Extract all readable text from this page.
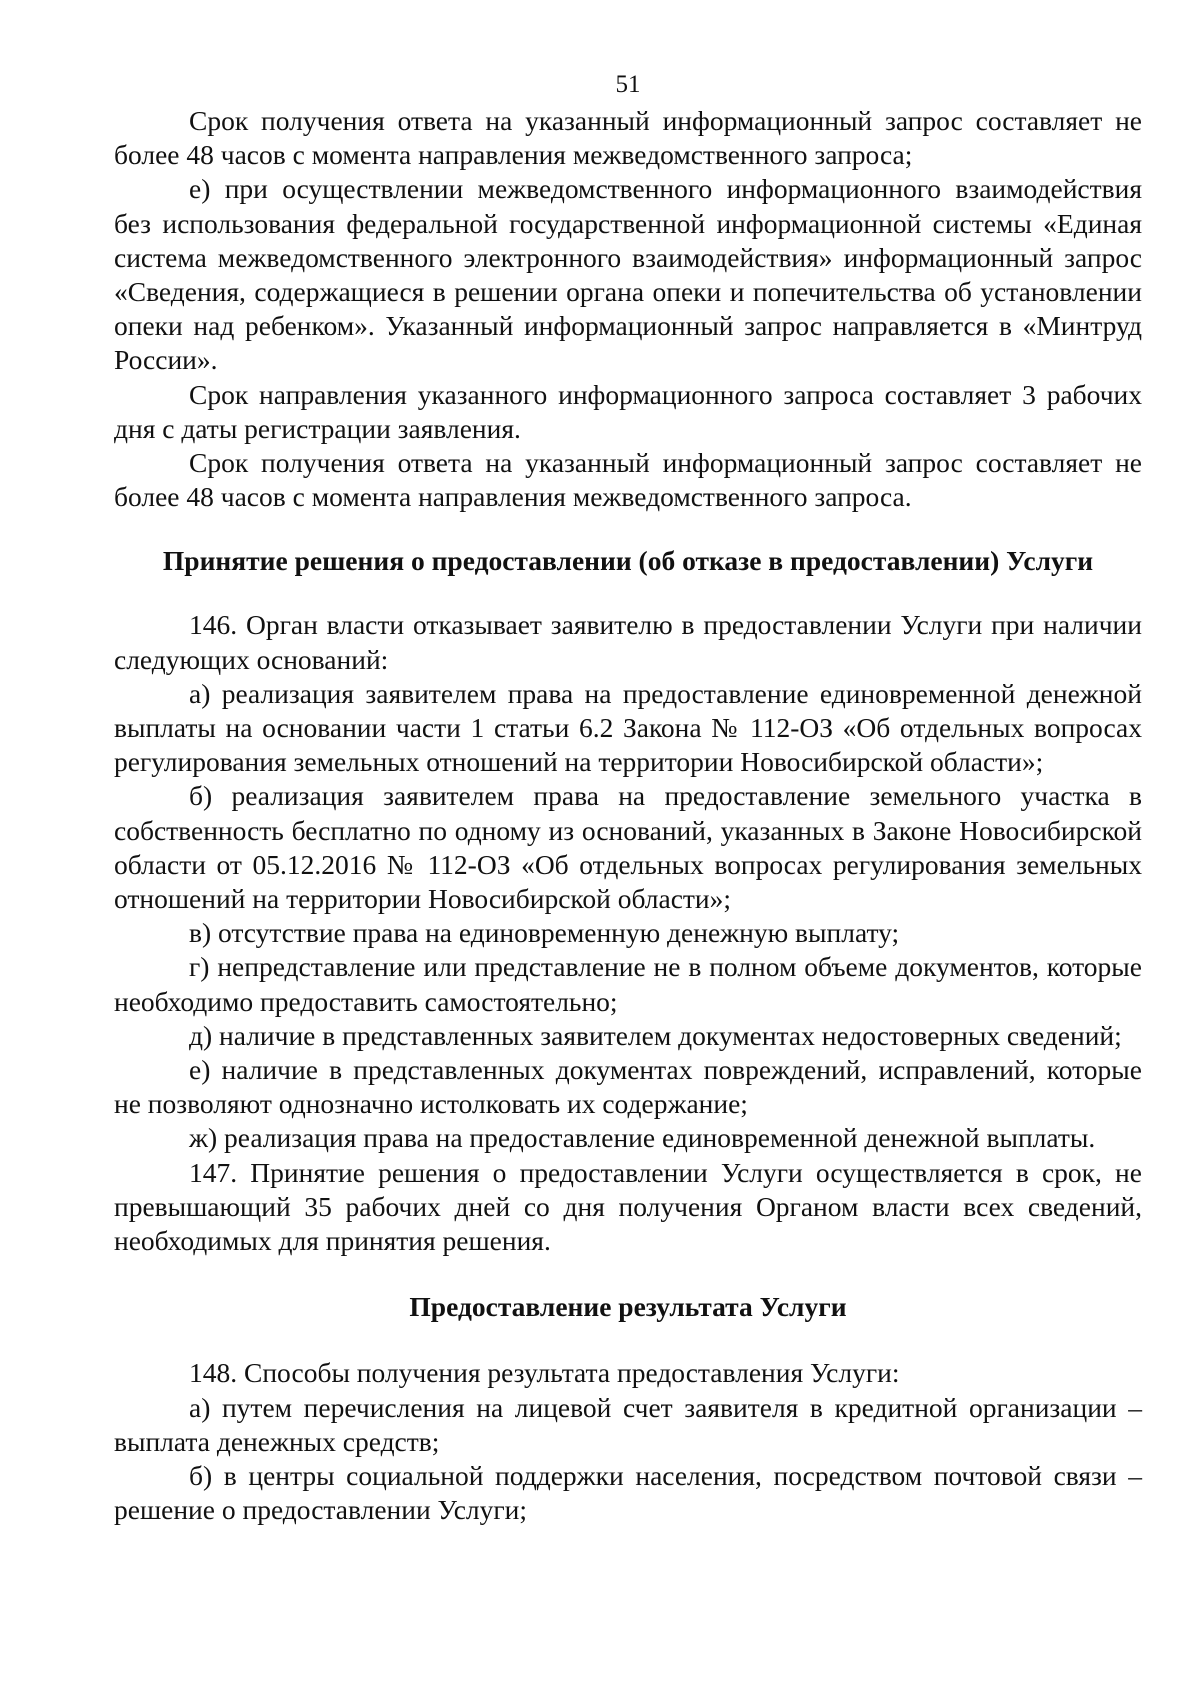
51

Срок получения ответа на указанный информационный запрос составляет не более 48 часов с момента направления межведомственного запроса;

е) при осуществлении межведомственного информационного взаимодействия без использования федеральной государственной информационной системы «Единая система межведомственного электронного взаимодействия» информационный запрос «Сведения, содержащиеся в решении органа опеки и попечительства об установлении опеки над ребенком». Указанный информационный запрос направляется в «Минтруд России».

Срок направления указанного информационного запроса составляет 3 рабочих дня с даты регистрации заявления.

Срок получения ответа на указанный информационный запрос составляет не более 48 часов с момента направления межведомственного запроса.

Принятие решения о предоставлении (об отказе в предоставлении) Услуги

146. Орган власти отказывает заявителю в предоставлении Услуги при наличии следующих оснований:

а) реализация заявителем права на предоставление единовременной денежной выплаты на основании части 1 статьи 6.2 Закона № 112-ОЗ «Об отдельных вопросах регулирования земельных отношений на территории Новосибирской области»;

б) реализация заявителем права на предоставление земельного участка в собственность бесплатно по одному из оснований, указанных в Законе Новосибирской области от 05.12.2016 № 112-ОЗ «Об отдельных вопросах регулирования земельных отношений на территории Новосибирской области»;

в) отсутствие права на единовременную денежную выплату;

г) непредставление или представление не в полном объеме документов, которые необходимо предоставить самостоятельно;

д) наличие в представленных заявителем документах недостоверных сведений;

е) наличие в представленных документах повреждений, исправлений, которые не позволяют однозначно истолковать их содержание;

ж) реализация права на предоставление единовременной денежной выплаты.

147. Принятие решения о предоставлении Услуги осуществляется в срок, не превышающий 35 рабочих дней со дня получения Органом власти всех сведений, необходимых для принятия решения.

Предоставление результата Услуги

148. Способы получения результата предоставления Услуги:

а) путем перечисления на лицевой счет заявителя в кредитной организации – выплата денежных средств;

б) в центры социальной поддержки населения, посредством почтовой связи – решение о предоставлении Услуги;
